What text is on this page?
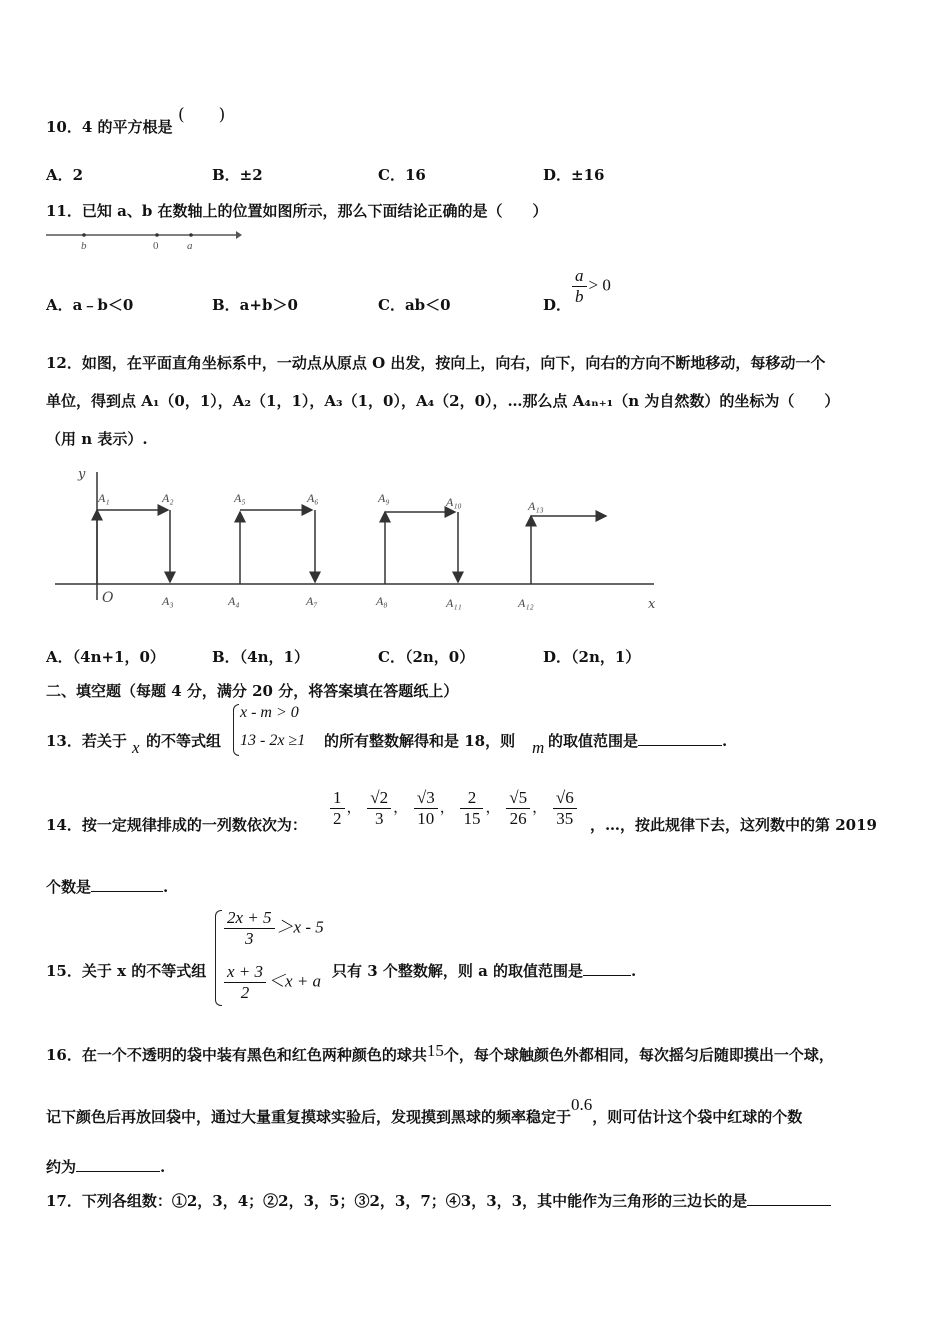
10．4 的平方根是
(　　)
A．2	B．±2	C．16	D．±16
11．已知 a、b 在数轴上的位置如图所示，那么下面结论正确的是（　　）
b	0	a
A．a﹣b＜0	B．a+b＞0	C．ab＜0	D． $\frac{a}{b} > 0$
12．如图，在平面直角坐标系中，一动点从原点 O 出发，按向上，向右，向下，向右的方向不断地移动，每移动一个
单位，得到点 A₁（0，1），A₂（1，1），A₃（1，0），A₄（2，0），…那么点 A₄ₙ₊₁（n 为自然数）的坐标为（　　）
（用 n 表示）.
y
x
O
A₁	A₂	A₅	A₆	A₉	A₁₀	A₁₃
A₃	A₄	A₇	A₈	A₁₁	A₁₂
A．（4n+1，0）	B．（4n，1）	C．（2n，0）	D．（2n，1）
二、填空题（每题 4 分，满分 20 分，将答案填在答题纸上）
13．若关于 x 的不等式组
x - m > 0
13 - 2x ≥1 的所有整数解得和是 18，则 m 的取值范围是	.
14．按一定规律排成的一列数依次为： $\frac{1}{2}$ ， $\frac{√2}{3}$ ， $\frac{√3}{10}$ ， $\frac{2}{15}$ ， $\frac{√5}{26}$ ， $\frac{√6}{35}$ ，…，按此规律下去，这列数中的第 2019
个数是	.
15．关于 x 的不等式组
$\frac{2x + 5}{3} >x - 5$
$\frac{x + 3}{2} <x + a$
只有 3 个整数解，则 a 的取值范围是	.
16．在一个不透明的袋中装有黑色和红色两种颜色的球共15个，每个球触颜色外都相同，每次摇匀后随即摸出一个球，
记下颜色后再放回袋中，通过大量重复摸球实验后，发现摸到黑球的频率稳定于0.6，则可估计这个袋中红球的个数
约为	.
17．下列各组数：①2，3，4；②2，3，5；③2，3，7；④3，3，3，其中能作为三角形的三边长的是
